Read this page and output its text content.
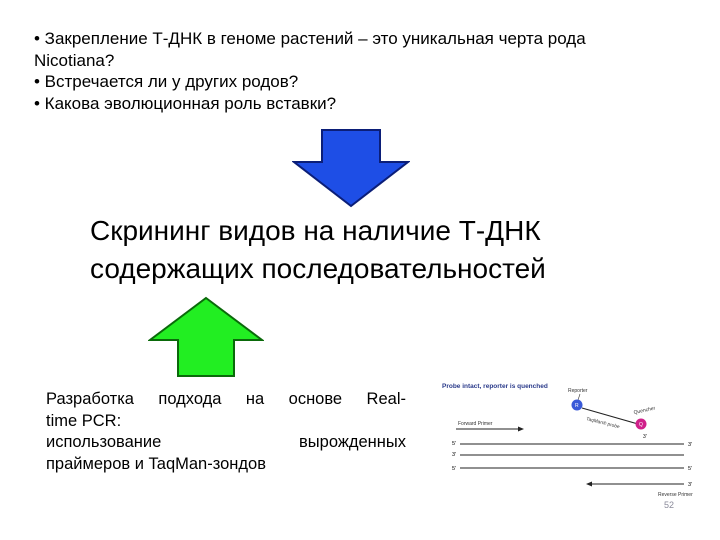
• Закрепление Т-ДНК в геноме растений – это уникальная черта рода
Nicotiana?
• Встречается ли у других родов?
• Какова эволюционная роль вставки?
Скрининг видов на наличие Т-ДНК
содержащих последовательностей
Разработка подхода на основе Real-
time PCR:
использование вырожденных
праймеров и TaqMan-зондов
Probe intact, reporter is quenched
Reporter
R
TaqMan® probe
Quencher
Q
3'
Forward Primer
5'	3'
3'
5'	5'
3'
Reverse Primer
52
